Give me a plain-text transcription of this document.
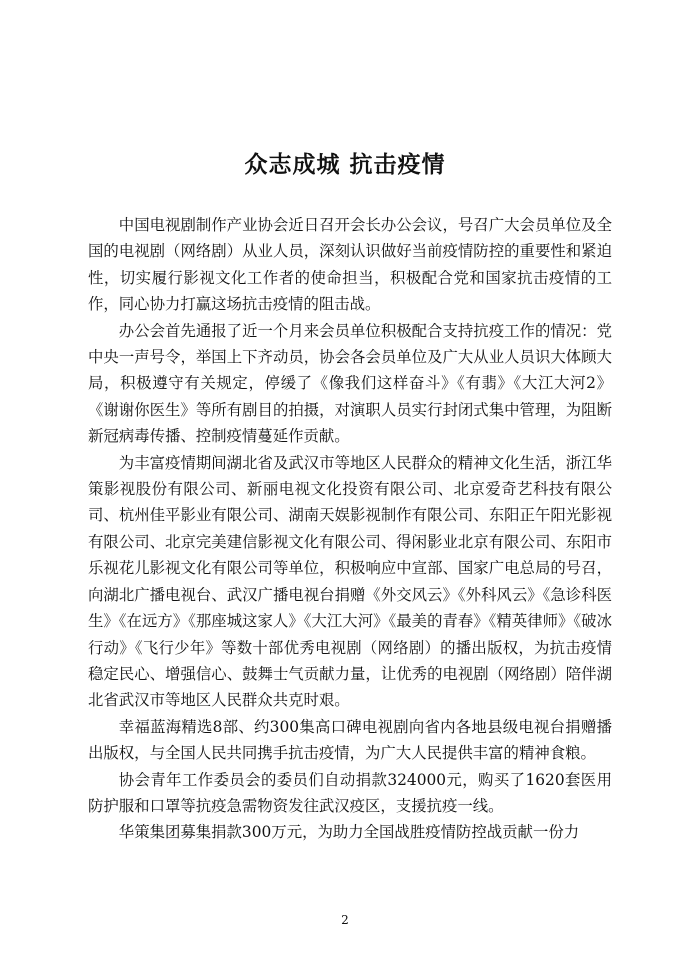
众志成城 抗击疫情

中国电视剧制作产业协会近日召开会长办公会议，号召广大会员单位及全国的电视剧（网络剧）从业人员，深刻认识做好当前疫情防控的重要性和紧迫性，切实履行影视文化工作者的使命担当，积极配合党和国家抗击疫情的工作，同心协力打赢这场抗击疫情的阻击战。

办公会首先通报了近一个月来会员单位积极配合支持抗疫工作的情况：党中央一声号令，举国上下齐动员，协会各会员单位及广大从业人员识大体顾大局，积极遵守有关规定，停缓了《像我们这样奋斗》《有翡》《大江大河2》《谢谢你医生》等所有剧目的拍摄，对演职人员实行封闭式集中管理，为阻断新冠病毒传播、控制疫情蔓延作贡献。

为丰富疫情期间湖北省及武汉市等地区人民群众的精神文化生活，浙江华策影视股份有限公司、新丽电视文化投资有限公司、北京爱奇艺科技有限公司、杭州佳平影业有限公司、湖南天娱影视制作有限公司、东阳正午阳光影视有限公司、北京完美建信影视文化有限公司、得闲影业北京有限公司、东阳市乐视花儿影视文化有限公司等单位，积极响应中宣部、国家广电总局的号召，向湖北广播电视台、武汉广播电视台捐赠《外交风云》《外科风云》《急诊科医生》《在远方》《那座城这家人》《大江大河》《最美的青春》《精英律师》《破冰行动》《飞行少年》等数十部优秀电视剧（网络剧）的播出版权，为抗击疫情稳定民心、增强信心、鼓舞士气贡献力量，让优秀的电视剧（网络剧）陪伴湖北省武汉市等地区人民群众共克时艰。

幸福蓝海精选8部、约300集高口碑电视剧向省内各地县级电视台捐赠播出版权，与全国人民共同携手抗击疫情，为广大人民提供丰富的精神食粮。

协会青年工作委员会的委员们自动捐款324000元，购买了1620套医用防护服和口罩等抗疫急需物资发往武汉疫区，支援抗疫一线。

华策集团募集捐款300万元，为助力全国战胜疫情防控战贡献一份力

2
